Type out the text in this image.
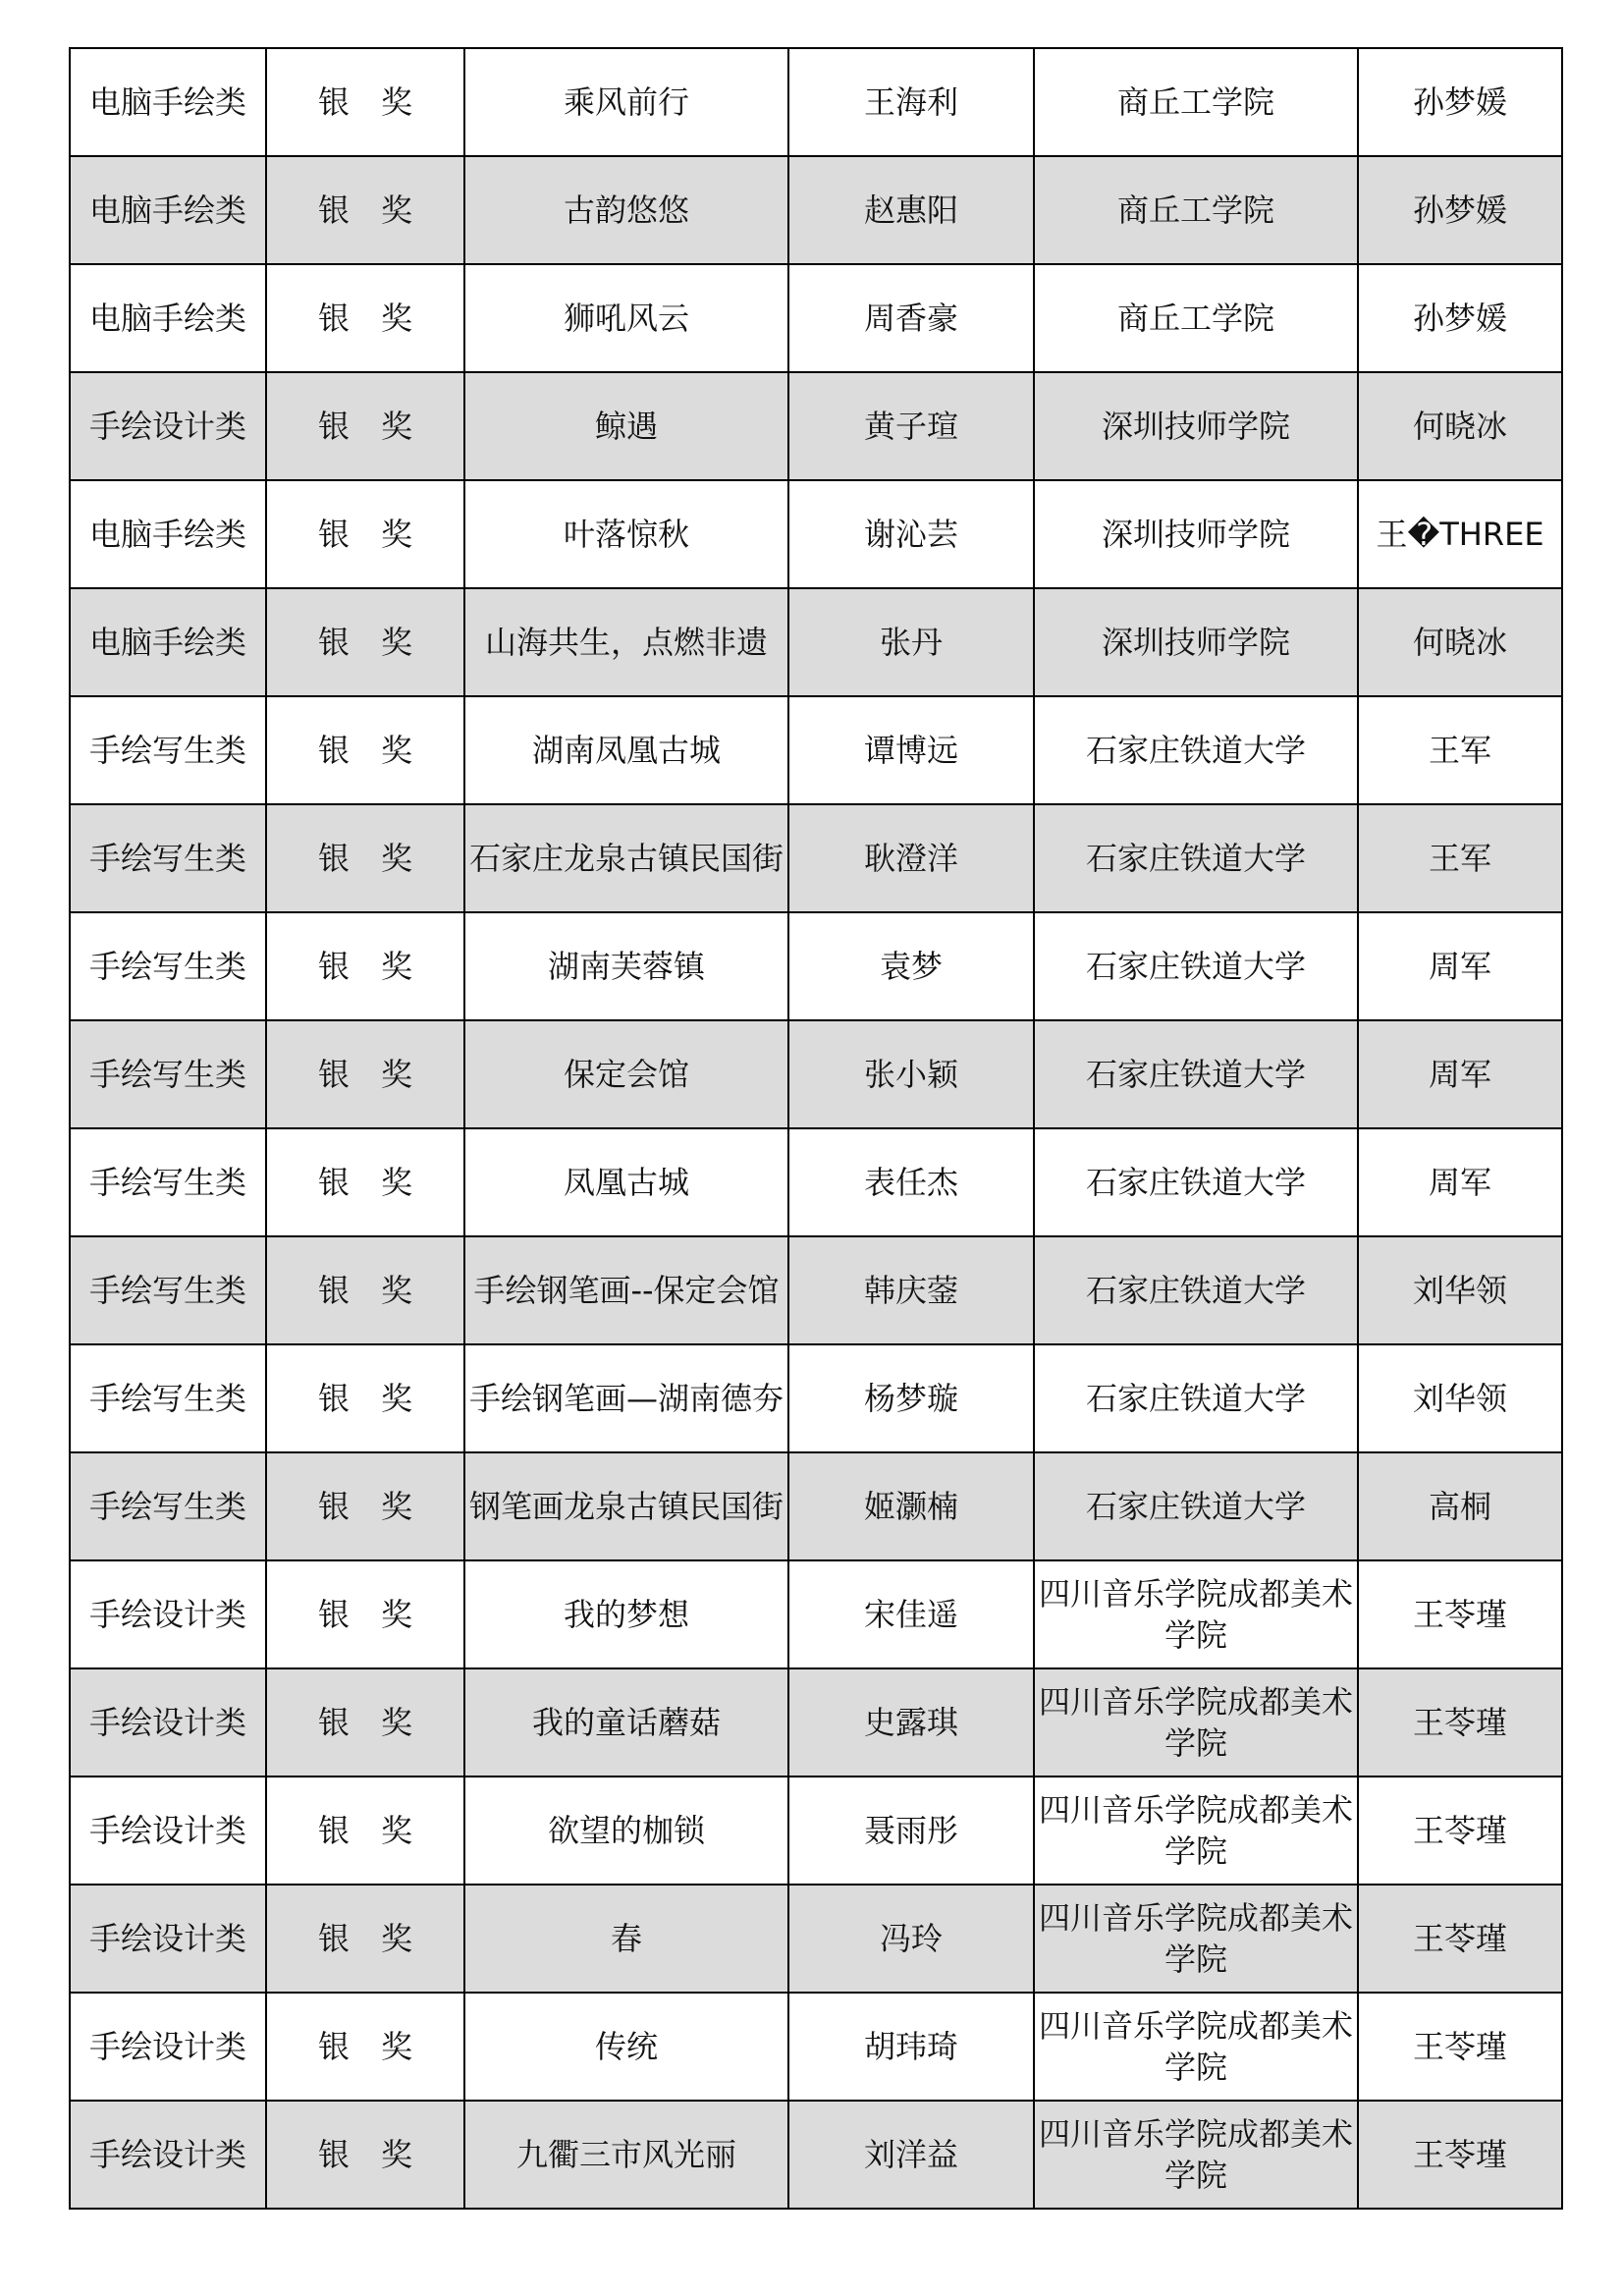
电脑手绘类	银　奖	乘风前行	王海利	商丘工学院	孙梦媛
电脑手绘类	银　奖	古韵悠悠	赵惠阳	商丘工学院	孙梦媛
电脑手绘类	银　奖	狮吼风云	周香豪	商丘工学院	孙梦媛
手绘设计类	银　奖	鲸遇	黄子瑄	深圳技师学院	何晓冰
电脑手绘类	银　奖	叶落惊秋	谢沁芸	深圳技师学院	王�THREE
电脑手绘类	银　奖	山海共生，点燃非遗	张丹	深圳技师学院	何晓冰
手绘写生类	银　奖	湖南凤凰古城	谭博远	石家庄铁道大学	王军
手绘写生类	银　奖	石家庄龙泉古镇民国街	耿澄洋	石家庄铁道大学	王军
手绘写生类	银　奖	湖南芙蓉镇	袁梦	石家庄铁道大学	周军
手绘写生类	银　奖	保定会馆	张小颖	石家庄铁道大学	周军
手绘写生类	银　奖	凤凰古城	表任杰	石家庄铁道大学	周军
手绘写生类	银　奖	手绘钢笔画--保定会馆	韩庆蓥	石家庄铁道大学	刘华领
手绘写生类	银　奖	手绘钢笔画—湖南德夯	杨梦璇	石家庄铁道大学	刘华领
手绘写生类	银　奖	钢笔画龙泉古镇民国街	姬灏楠	石家庄铁道大学	高桐
手绘设计类	银　奖	我的梦想	宋佳遥	四川音乐学院成都美术学院	王苓瑾
手绘设计类	银　奖	我的童话蘑菇	史露琪	四川音乐学院成都美术学院	王苓瑾
手绘设计类	银　奖	欲望的枷锁	聂雨彤	四川音乐学院成都美术学院	王苓瑾
手绘设计类	银　奖	春	冯玲	四川音乐学院成都美术学院	王苓瑾
手绘设计类	银　奖	传统	胡玮琦	四川音乐学院成都美术学院	王苓瑾
手绘设计类	银　奖	九衢三市风光丽	刘洋益	四川音乐学院成都美术学院	王苓瑾
